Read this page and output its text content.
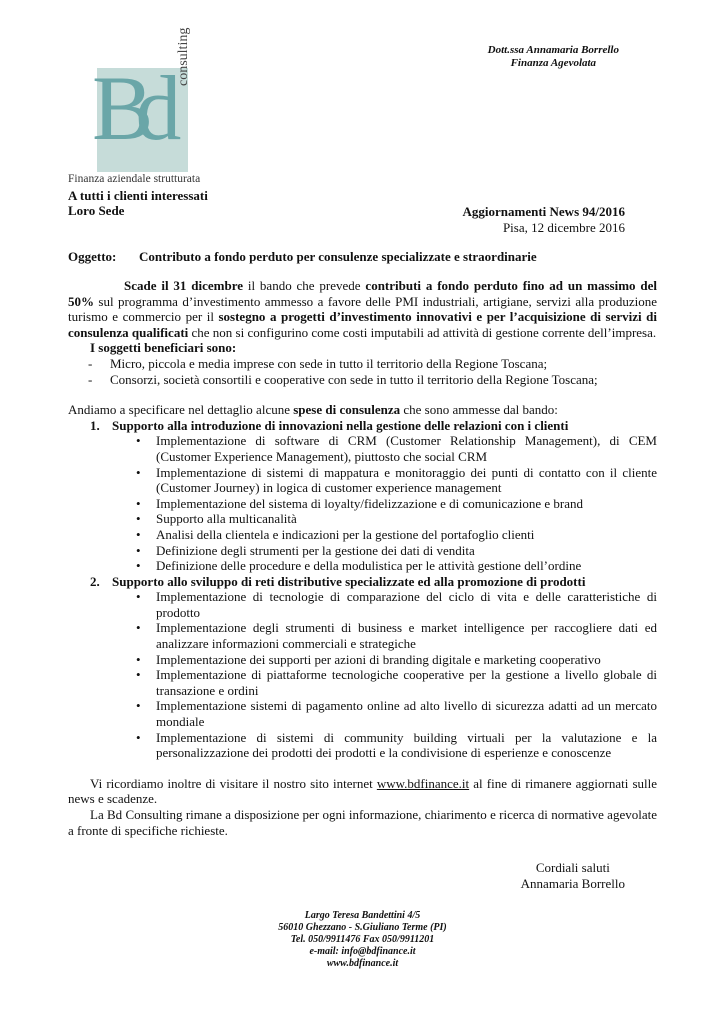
Dott.ssa Annamaria Borrello
Finanza Agevolata
Bd
consulting
Finanza aziendale strutturata
A tutti i clienti interessati
Loro Sede	Aggiornamenti News 94/2016
Pisa, 12 dicembre 2016
Oggetto: Contributo a fondo perduto per consulenze specializzate e straordinarie

Scade il 31 dicembre il bando che prevede contributi a fondo perduto fino ad un massimo del 50% sul programma d’investimento ammesso a favore delle PMI industriali, artigiane, servizi alla produzione turismo e commercio per il sostegno a progetti d’investimento innovativi e per l’acquisizione di servizi di consulenza qualificati che non si configurino come costi imputabili ad attività di gestione corrente dell’impresa.

I soggetti beneficiari sono:

- Micro, piccola e media imprese con sede in tutto il territorio della Regione Toscana;
- Consorzi, società consortili e cooperative con sede in tutto il territorio della Regione Toscana;

Andiamo a specificare nel dettaglio alcune spese di consulenza che sono ammesse dal bando:

1. Supporto alla introduzione di innovazioni nella gestione delle relazioni con i clienti
• Implementazione di software di CRM (Customer Relationship Management), di CEM (Customer Experience Management), piuttosto che social CRM
• Implementazione di sistemi di mappatura e monitoraggio dei punti di contatto con il cliente (Customer Journey) in logica di customer experience management
• Implementazione del sistema di loyalty/fidelizzazione e di comunicazione e brand
• Supporto alla multicanalità
• Analisi della clientela e indicazioni per la gestione del portafoglio clienti
• Definizione degli strumenti per la gestione dei dati di vendita
• Definizione delle procedure e della modulistica per le attività gestione dell’ordine
2. Supporto allo sviluppo di reti distributive specializzate ed alla promozione di prodotti
• Implementazione di tecnologie di comparazione del ciclo di vita e delle caratteristiche di prodotto
• Implementazione degli strumenti di business e market intelligence per raccogliere dati ed analizzare informazioni commerciali e strategiche
• Implementazione dei supporti per azioni di branding digitale e marketing cooperativo
• Implementazione di piattaforme tecnologiche cooperative per la gestione a livello globale di transazione e ordini
• Implementazione sistemi di pagamento online ad alto livello di sicurezza adatti ad un mercato mondiale
• Implementazione di sistemi di community building virtuali per la valutazione e la personalizzazione dei prodotti dei prodotti e la condivisione di esperienze e conoscenze

Vi ricordiamo inoltre di visitare il nostro sito internet www.bdfinance.it al fine di rimanere aggiornati sulle news e scadenze.

La Bd Consulting rimane a disposizione per ogni informazione, chiarimento e ricerca di normative agevolate a fronte di specifiche richieste.

Cordiali saluti
Annamaria Borrello
Largo Teresa Bandettini 4/5
56010 Ghezzano - S.Giuliano Terme (PI)
Tel. 050/9911476 Fax 050/9911201
e-mail: info@bdfinance.it
www.bdfinance.it
